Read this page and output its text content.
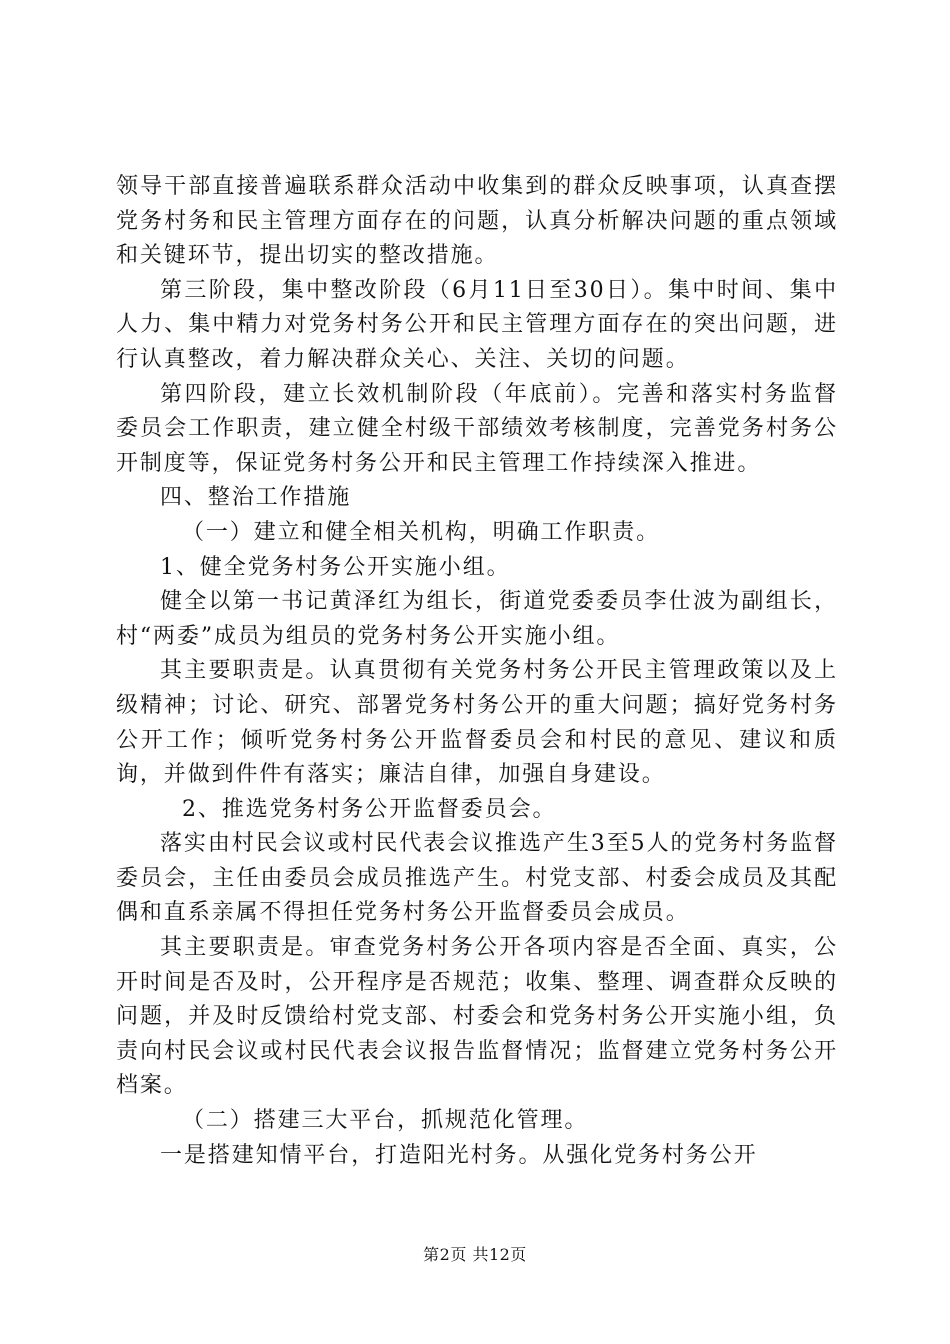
领导干部直接普遍联系群众活动中收集到的群众反映事项，认真查摆党务村务和民主管理方面存在的问题，认真分析解决问题的重点领域和关键环节，提出切实的整改措施。

第三阶段，集中整改阶段（6月11日至30日）。集中时间、集中人力、集中精力对党务村务公开和民主管理方面存在的突出问题，进行认真整改，着力解决群众关心、关注、关切的问题。

第四阶段，建立长效机制阶段（年底前）。完善和落实村务监督委员会工作职责，建立健全村级干部绩效考核制度，完善党务村务公开制度等，保证党务村务公开和民主管理工作持续深入推进。

四、整治工作措施

（一）建立和健全相关机构，明确工作职责。

1、健全党务村务公开实施小组。

健全以第一书记黄泽红为组长，街道党委委员李仕波为副组长，村“两委”成员为组员的党务村务公开实施小组。

其主要职责是。认真贯彻有关党务村务公开民主管理政策以及上级精神；讨论、研究、部署党务村务公开的重大问题；搞好党务村务公开工作；倾听党务村务公开监督委员会和村民的意见、建议和质询，并做到件件有落实；廉洁自律，加强自身建设。

2、推选党务村务公开监督委员会。

落实由村民会议或村民代表会议推选产生3至5人的党务村务监督委员会，主任由委员会成员推选产生。村党支部、村委会成员及其配偶和直系亲属不得担任党务村务公开监督委员会成员。

其主要职责是。审查党务村务公开各项内容是否全面、真实，公开时间是否及时，公开程序是否规范；收集、整理、调查群众反映的问题，并及时反馈给村党支部、村委会和党务村务公开实施小组，负责向村民会议或村民代表会议报告监督情况；监督建立党务村务公开档案。

（二）搭建三大平台，抓规范化管理。

一是搭建知情平台，打造阳光村务。从强化党务村务公开

第2页 共12页
